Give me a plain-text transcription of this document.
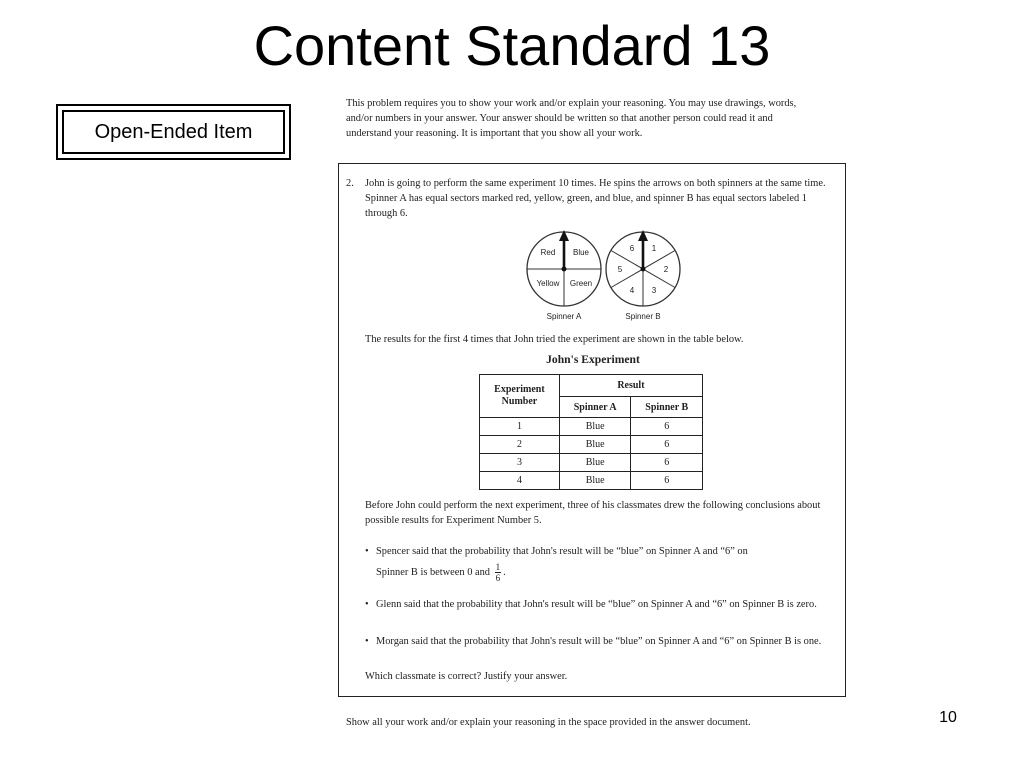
Content Standard 13
Open-Ended Item
This problem requires you to show your work and/or explain your reasoning. You may use drawings, words, and/or numbers in your answer. Your answer should be written so that another person could read it and understand your reasoning. It is important that you show all your work.
2. John is going to perform the same experiment 10 times. He spins the arrows on both spinners at the same time. Spinner A has equal sectors marked red, yellow, green, and blue, and spinner B has equal sectors labeled 1 through 6.
Red Blue
Yellow Green
Spinner A
6 1
5	2
4 3
Spinner B
The results for the first 4 times that John tried the experiment are shown in the table below.
John's Experiment
Experiment Number	Result	
	Spinner A	Spinner B
1	Blue	6
2	Blue	6
3	Blue	6
4	Blue	6
Before John could perform the next experiment, three of his classmates drew the following conclusions about possible results for Experiment Number 5.
• Spencer said that the probability that John's result will be “blue” on Spinner A and “6” on
Spinner B is between 0 and $\frac{1}{6}$ .
• Glenn said that the probability that John's result will be “blue” on Spinner A and “6” on Spinner B is zero.
• Morgan said that the probability that John's result will be “blue” on Spinner A and “6” on Spinner B is one.
Which classmate is correct? Justify your answer.
Show all your work and/or explain your reasoning in the space provided in the answer document.	10
